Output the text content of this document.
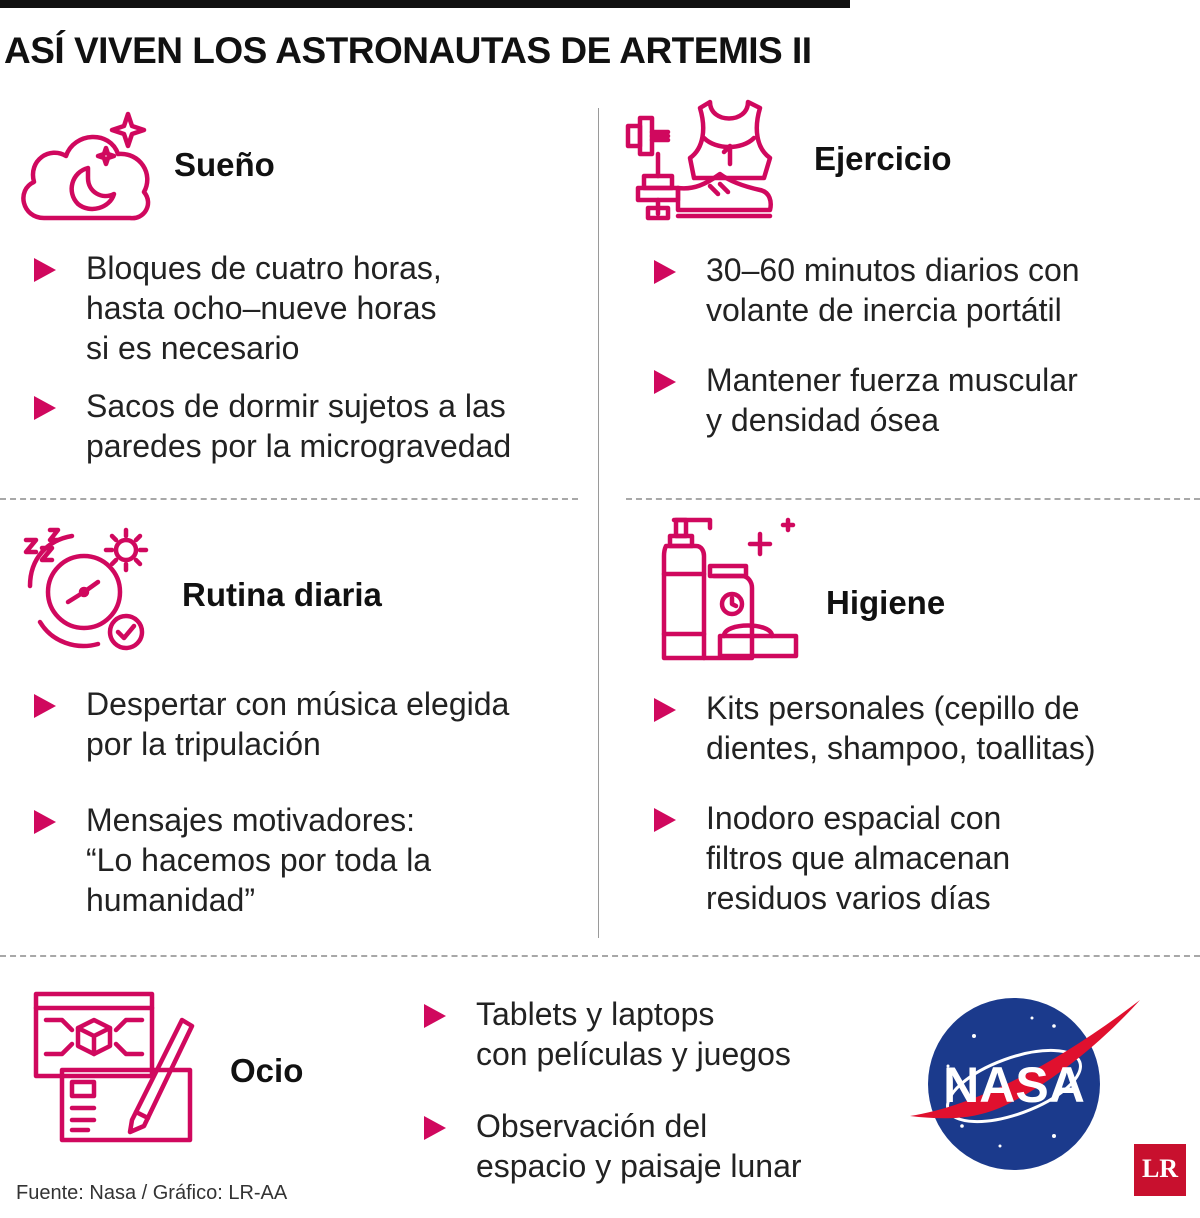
ASÍ VIVEN LOS ASTRONAUTAS DE ARTEMIS II
Sueño
Bloques de cuatro horas,
hasta ocho–nueve horas
si es necesario
Sacos de dormir sujetos a las
paredes por la microgravedad
Ejercicio
30–60 minutos diarios con
volante de inercia portátil
Mantener fuerza muscular
y densidad ósea
Rutina diaria
Despertar con música elegida
por la tripulación
Mensajes motivadores:
“Lo hacemos por toda la
humanidad”
Higiene
Kits personales (cepillo de
dientes, shampoo, toallitas)
Inodoro espacial con
filtros que almacenan
residuos varios días
Ocio
Tablets y laptops
con películas y juegos
Observación del
espacio y paisaje lunar
Fuente: Nasa / Gráfico: LR-AA
NASA
LR
